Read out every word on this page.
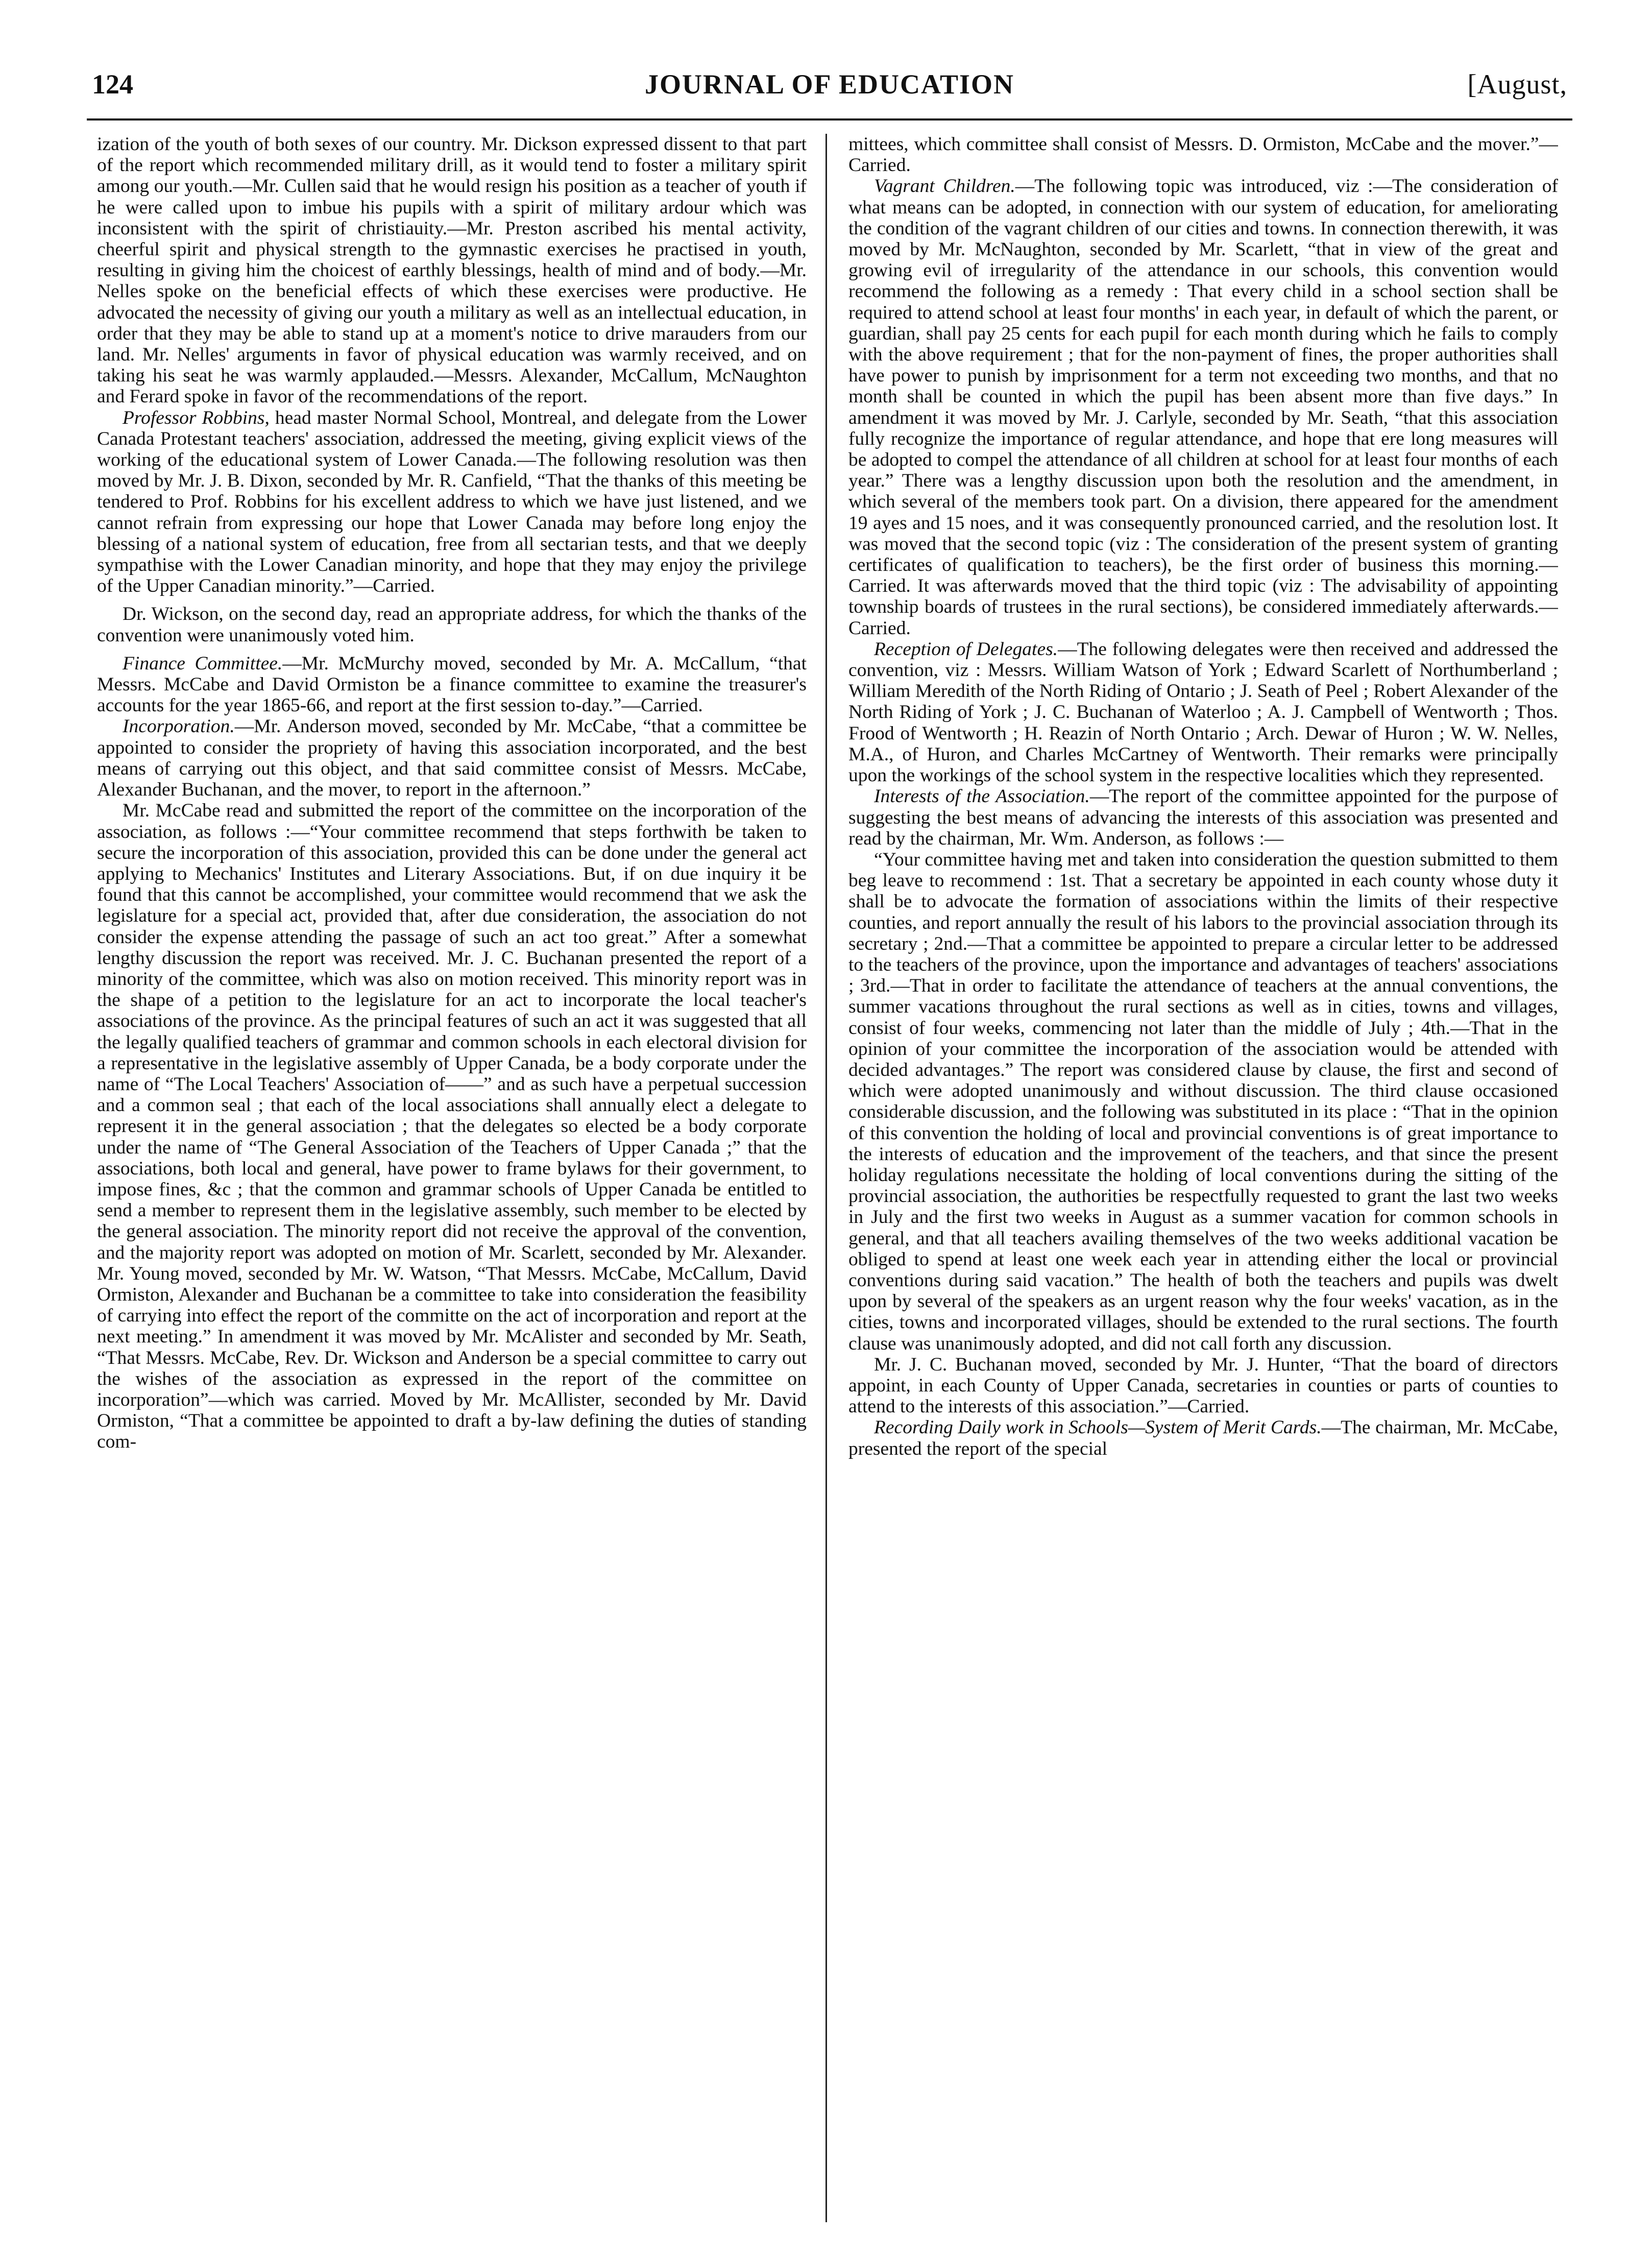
JOURNAL OF EDUCATION
124	[August,

ization of the youth of both sexes of our country. Mr. Dickson expressed dissent to that part of the report which recommended military drill, as it would tend to foster a military spirit among our youth.—Mr. Cullen said that he would resign his position as a teacher of youth if he were called upon to imbue his pupils with a spirit of military ardour which was inconsistent with the spirit of christiauity.—Mr. Preston ascribed his mental activity, cheerful spirit and physical strength to the gymnastic exercises he practised in youth, resulting in giving him the choicest of earthly blessings, health of mind and of body.—Mr. Nelles spoke on the beneficial effects of which these exercises were productive. He advocated the necessity of giving our youth a military as well as an intellectual education, in order that they may be able to stand up at a moment's notice to drive marauders from our land. Mr. Nelles' arguments in favor of physical education was warmly received, and on taking his seat he was warmly applauded.—Messrs. Alexander, McCallum, McNaughton and Ferard spoke in favor of the recommendations of the report.

Professor Robbins, head master Normal School, Montreal, and delegate from the Lower Canada Protestant teachers' association, addressed the meeting, giving explicit views of the working of the educational system of Lower Canada.—The following resolution was then moved by Mr. J. B. Dixon, seconded by Mr. R. Canfield, “That the thanks of this meeting be tendered to Prof. Robbins for his excellent address to which we have just listened, and we cannot refrain from expressing our hope that Lower Canada may before long enjoy the blessing of a national system of education, free from all sectarian tests, and that we deeply sympathise with the Lower Canadian minority, and hope that they may enjoy the privilege of the Upper Canadian minority.”—Carried.

Dr. Wickson, on the second day, read an appropriate address, for which the thanks of the convention were unanimously voted him.

Finance Committee.—Mr. McMurchy moved, seconded by Mr. A. McCallum, “that Messrs. McCabe and David Ormiston be a finance committee to examine the treasurer's accounts for the year 1865-66, and report at the first session to-day.”—Carried.

Incorporation.—Mr. Anderson moved, seconded by Mr. McCabe, “that a committee be appointed to consider the propriety of having this association incorporated, and the best means of carrying out this object, and that said committee consist of Messrs. McCabe, Alexander Buchanan, and the mover, to report in the afternoon.”

Mr. McCabe read and submitted the report of the committee on the incorporation of the association, as follows :—“Your committee recommend that steps forthwith be taken to secure the incorporation of this association, provided this can be done under the general act applying to Mechanics' Institutes and Literary Associations. But, if on due inquiry it be found that this cannot be accomplished, your committee would recommend that we ask the legislature for a special act, provided that, after due consideration, the association do not consider the expense attending the passage of such an act too great.” After a somewhat lengthy discussion the report was received. Mr. J. C. Buchanan presented the report of a minority of the committee, which was also on motion received. This minority report was in the shape of a petition to the legislature for an act to incorporate the local teacher's associations of the province. As the principal features of such an act it was suggested that all the legally qualified teachers of grammar and common schools in each electoral division for a representative in the legislative assembly of Upper Canada, be a body corporate under the name of “The Local Teachers' Association of——” and as such have a perpetual succession and a common seal ; that each of the local associations shall annually elect a delegate to represent it in the general association ; that the delegates so elected be a body corporate under the name of “The General Association of the Teachers of Upper Canada ;” that the associations, both local and general, have power to frame bylaws for their government, to impose fines, &c ; that the common and grammar schools of Upper Canada be entitled to send a member to represent them in the legislative assembly, such member to be elected by the general association. The minority report did not receive the approval of the convention, and the majority report was adopted on motion of Mr. Scarlett, seconded by Mr. Alexander. Mr. Young moved, seconded by Mr. W. Watson, “That Messrs. McCabe, McCallum, David Ormiston, Alexander and Buchanan be a committee to take into consideration the feasibility of carrying into effect the report of the committe on the act of incorporation and report at the next meeting.” In amendment it was moved by Mr. McAlister and seconded by Mr. Seath, “That Messrs. McCabe, Rev. Dr. Wickson and Anderson be a special committee to carry out the wishes of the association as expressed in the report of the committee on incorporation”—which was carried. Moved by Mr. McAllister, seconded by Mr. David Ormiston, “That a committee be appointed to draft a by-law defining the duties of standing com-

mittees, which committee shall consist of Messrs. D. Ormiston, McCabe and the mover.”—Carried.

Vagrant Children.—The following topic was introduced, viz :—The consideration of what means can be adopted, in connection with our system of education, for ameliorating the condition of the vagrant children of our cities and towns. In connection therewith, it was moved by Mr. McNaughton, seconded by Mr. Scarlett, “that in view of the great and growing evil of irregularity of the attendance in our schools, this convention would recommend the following as a remedy : That every child in a school section shall be required to attend school at least four months' in each year, in default of which the parent, or guardian, shall pay 25 cents for each pupil for each month during which he fails to comply with the above requirement ; that for the non-payment of fines, the proper authorities shall have power to punish by imprisonment for a term not exceeding two months, and that no month shall be counted in which the pupil has been absent more than five days.” In amendment it was moved by Mr. J. Carlyle, seconded by Mr. Seath, “that this association fully recognize the importance of regular attendance, and hope that ere long measures will be adopted to compel the attendance of all children at school for at least four months of each year.” There was a lengthy discussion upon both the resolution and the amendment, in which several of the members took part. On a division, there appeared for the amendment 19 ayes and 15 noes, and it was consequently pronounced carried, and the resolution lost. It was moved that the second topic (viz : The consideration of the present system of granting certificates of qualification to teachers), be the first order of business this morning.—Carried. It was afterwards moved that the third topic (viz : The advisability of appointing township boards of trustees in the rural sections), be considered immediately afterwards.—Carried.

Reception of Delegates.—The following delegates were then received and addressed the convention, viz : Messrs. William Watson of York ; Edward Scarlett of Northumberland ; William Meredith of the North Riding of Ontario ; J. Seath of Peel ; Robert Alexander of the North Riding of York ; J. C. Buchanan of Waterloo ; A. J. Campbell of Wentworth ; Thos. Frood of Wentworth ; H. Reazin of North Ontario ; Arch. Dewar of Huron ; W. W. Nelles, M.A., of Huron, and Charles McCartney of Wentworth. Their remarks were principally upon the workings of the school system in the respective localities which they represented.

Interests of the Association.—The report of the committee appointed for the purpose of suggesting the best means of advancing the interests of this association was presented and read by the chairman, Mr. Wm. Anderson, as follows :—

“Your committee having met and taken into consideration the question submitted to them beg leave to recommend : 1st. That a secretary be appointed in each county whose duty it shall be to advocate the formation of associations within the limits of their respective counties, and report annually the result of his labors to the provincial association through its secretary ; 2nd.—That a committee be appointed to prepare a circular letter to be addressed to the teachers of the province, upon the importance and advantages of teachers' associations ; 3rd.—That in order to facilitate the attendance of teachers at the annual conventions, the summer vacations throughout the rural sections as well as in cities, towns and villages, consist of four weeks, commencing not later than the middle of July ; 4th.—That in the opinion of your committee the incorporation of the association would be attended with decided advantages.” The report was considered clause by clause, the first and second of which were adopted unanimously and without discussion. The third clause occasioned considerable discussion, and the following was substituted in its place : “That in the opinion of this convention the holding of local and provincial conventions is of great importance to the interests of education and the improvement of the teachers, and that since the present holiday regulations necessitate the holding of local conventions during the sitting of the provincial association, the authorities be respectfully requested to grant the last two weeks in July and the first two weeks in August as a summer vacation for common schools in general, and that all teachers availing themselves of the two weeks additional vacation be obliged to spend at least one week each year in attending either the local or provincial conventions during said vacation.” The health of both the teachers and pupils was dwelt upon by several of the speakers as an urgent reason why the four weeks' vacation, as in the cities, towns and incorporated villages, should be extended to the rural sections. The fourth clause was unanimously adopted, and did not call forth any discussion.

Mr. J. C. Buchanan moved, seconded by Mr. J. Hunter, “That the board of directors appoint, in each County of Upper Canada, secretaries in counties or parts of counties to attend to the interests of this association.”—Carried.

Recording Daily work in Schools—System of Merit Cards.—The chairman, Mr. McCabe, presented the report of the special
